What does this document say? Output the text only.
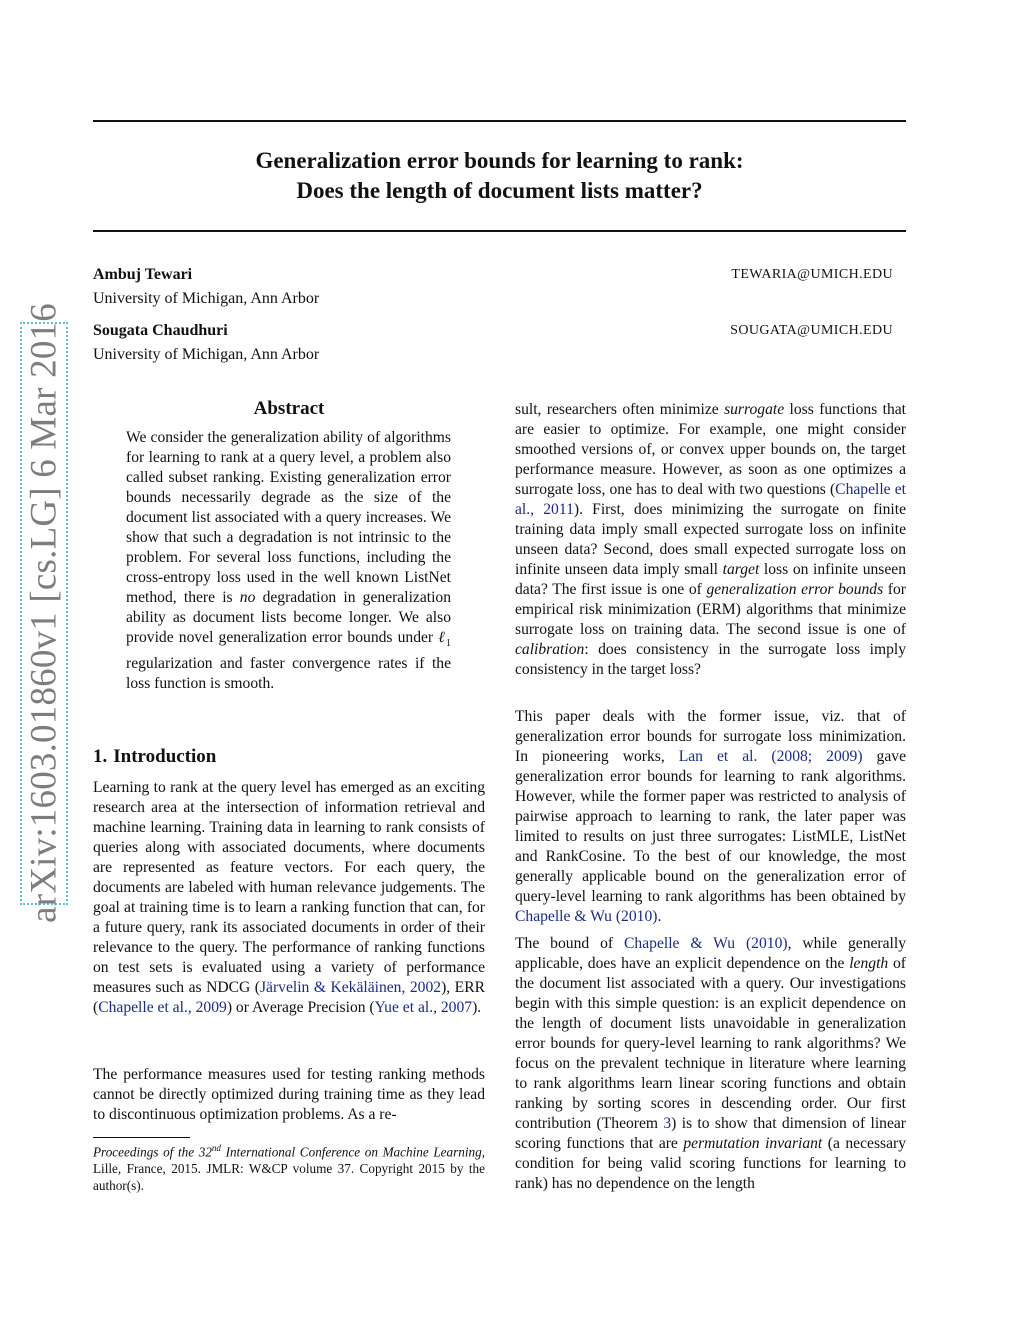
Generalization error bounds for learning to rank:
Does the length of document lists matter?
Ambuj Tewari
University of Michigan, Ann Arbor
TEWARIA@UMICH.EDU
Sougata Chaudhuri
University of Michigan, Ann Arbor
SOUGATA@UMICH.EDU
arXiv:1603.01860v1 [cs.LG] 6 Mar 2016	Abstract

We consider the generalization ability of algorithms for learning to rank at a query level, a problem also called subset ranking. Existing generalization error bounds necessarily degrade as the size of the document list associated with a query increases. We show that such a degradation is not intrinsic to the problem. For several loss functions, including the cross-entropy loss used in the well known ListNet method, there is no degradation in generalization ability as document lists become longer. We also provide novel generalization error bounds under ℓ$_1$ regularization and faster convergence rates if the loss function is smooth.

1. Introduction

Learning to rank at the query level has emerged as an exciting research area at the intersection of information retrieval and machine learning. Training data in learning to rank consists of queries along with associated documents, where documents are represented as feature vectors. For each query, the documents are labeled with human relevance judgements. The goal at training time is to learn a ranking function that can, for a future query, rank its associated documents in order of their relevance to the query. The performance of ranking functions on test sets is evaluated using a variety of performance measures such as NDCG (Järvelin & Kekäläinen, 2002), ERR (Chapelle et al., 2009) or Average Precision (Yue et al., 2007).

The performance measures used for testing ranking methods cannot be directly optimized during training time as they lead to discontinuous optimization problems. As a re-

Proceedings of the 32nd International Conference on Machine Learning, Lille, France, 2015. JMLR: W&CP volume 37. Copyright 2015 by the author(s).

sult, researchers often minimize surrogate loss functions that are easier to optimize. For example, one might consider smoothed versions of, or convex upper bounds on, the target performance measure. However, as soon as one optimizes a surrogate loss, one has to deal with two questions (Chapelle et al., 2011). First, does minimizing the surrogate on finite training data imply small expected surrogate loss on infinite unseen data? Second, does small expected surrogate loss on infinite unseen data imply small target loss on infinite unseen data? The first issue is one of generalization error bounds for empirical risk minimization (ERM) algorithms that minimize surrogate loss on training data. The second issue is one of calibration: does consistency in the surrogate loss imply consistency in the target loss?

This paper deals with the former issue, viz. that of generalization error bounds for surrogate loss minimization. In pioneering works, Lan et al. (2008; 2009) gave generalization error bounds for learning to rank algorithms. However, while the former paper was restricted to analysis of pairwise approach to learning to rank, the later paper was limited to results on just three surrogates: ListMLE, ListNet and RankCosine. To the best of our knowledge, the most generally applicable bound on the generalization error of query-level learning to rank algorithms has been obtained by Chapelle & Wu (2010).

The bound of Chapelle & Wu (2010), while generally applicable, does have an explicit dependence on the length of the document list associated with a query. Our investigations begin with this simple question: is an explicit dependence on the length of document lists unavoidable in generalization error bounds for query-level learning to rank algorithms? We focus on the prevalent technique in literature where learning to rank algorithms learn linear scoring functions and obtain ranking by sorting scores in descending order. Our first contribution (Theorem 3) is to show that dimension of linear scoring functions that are permutation invariant (a necessary condition for being valid scoring functions for learning to rank) has no dependence on the length
